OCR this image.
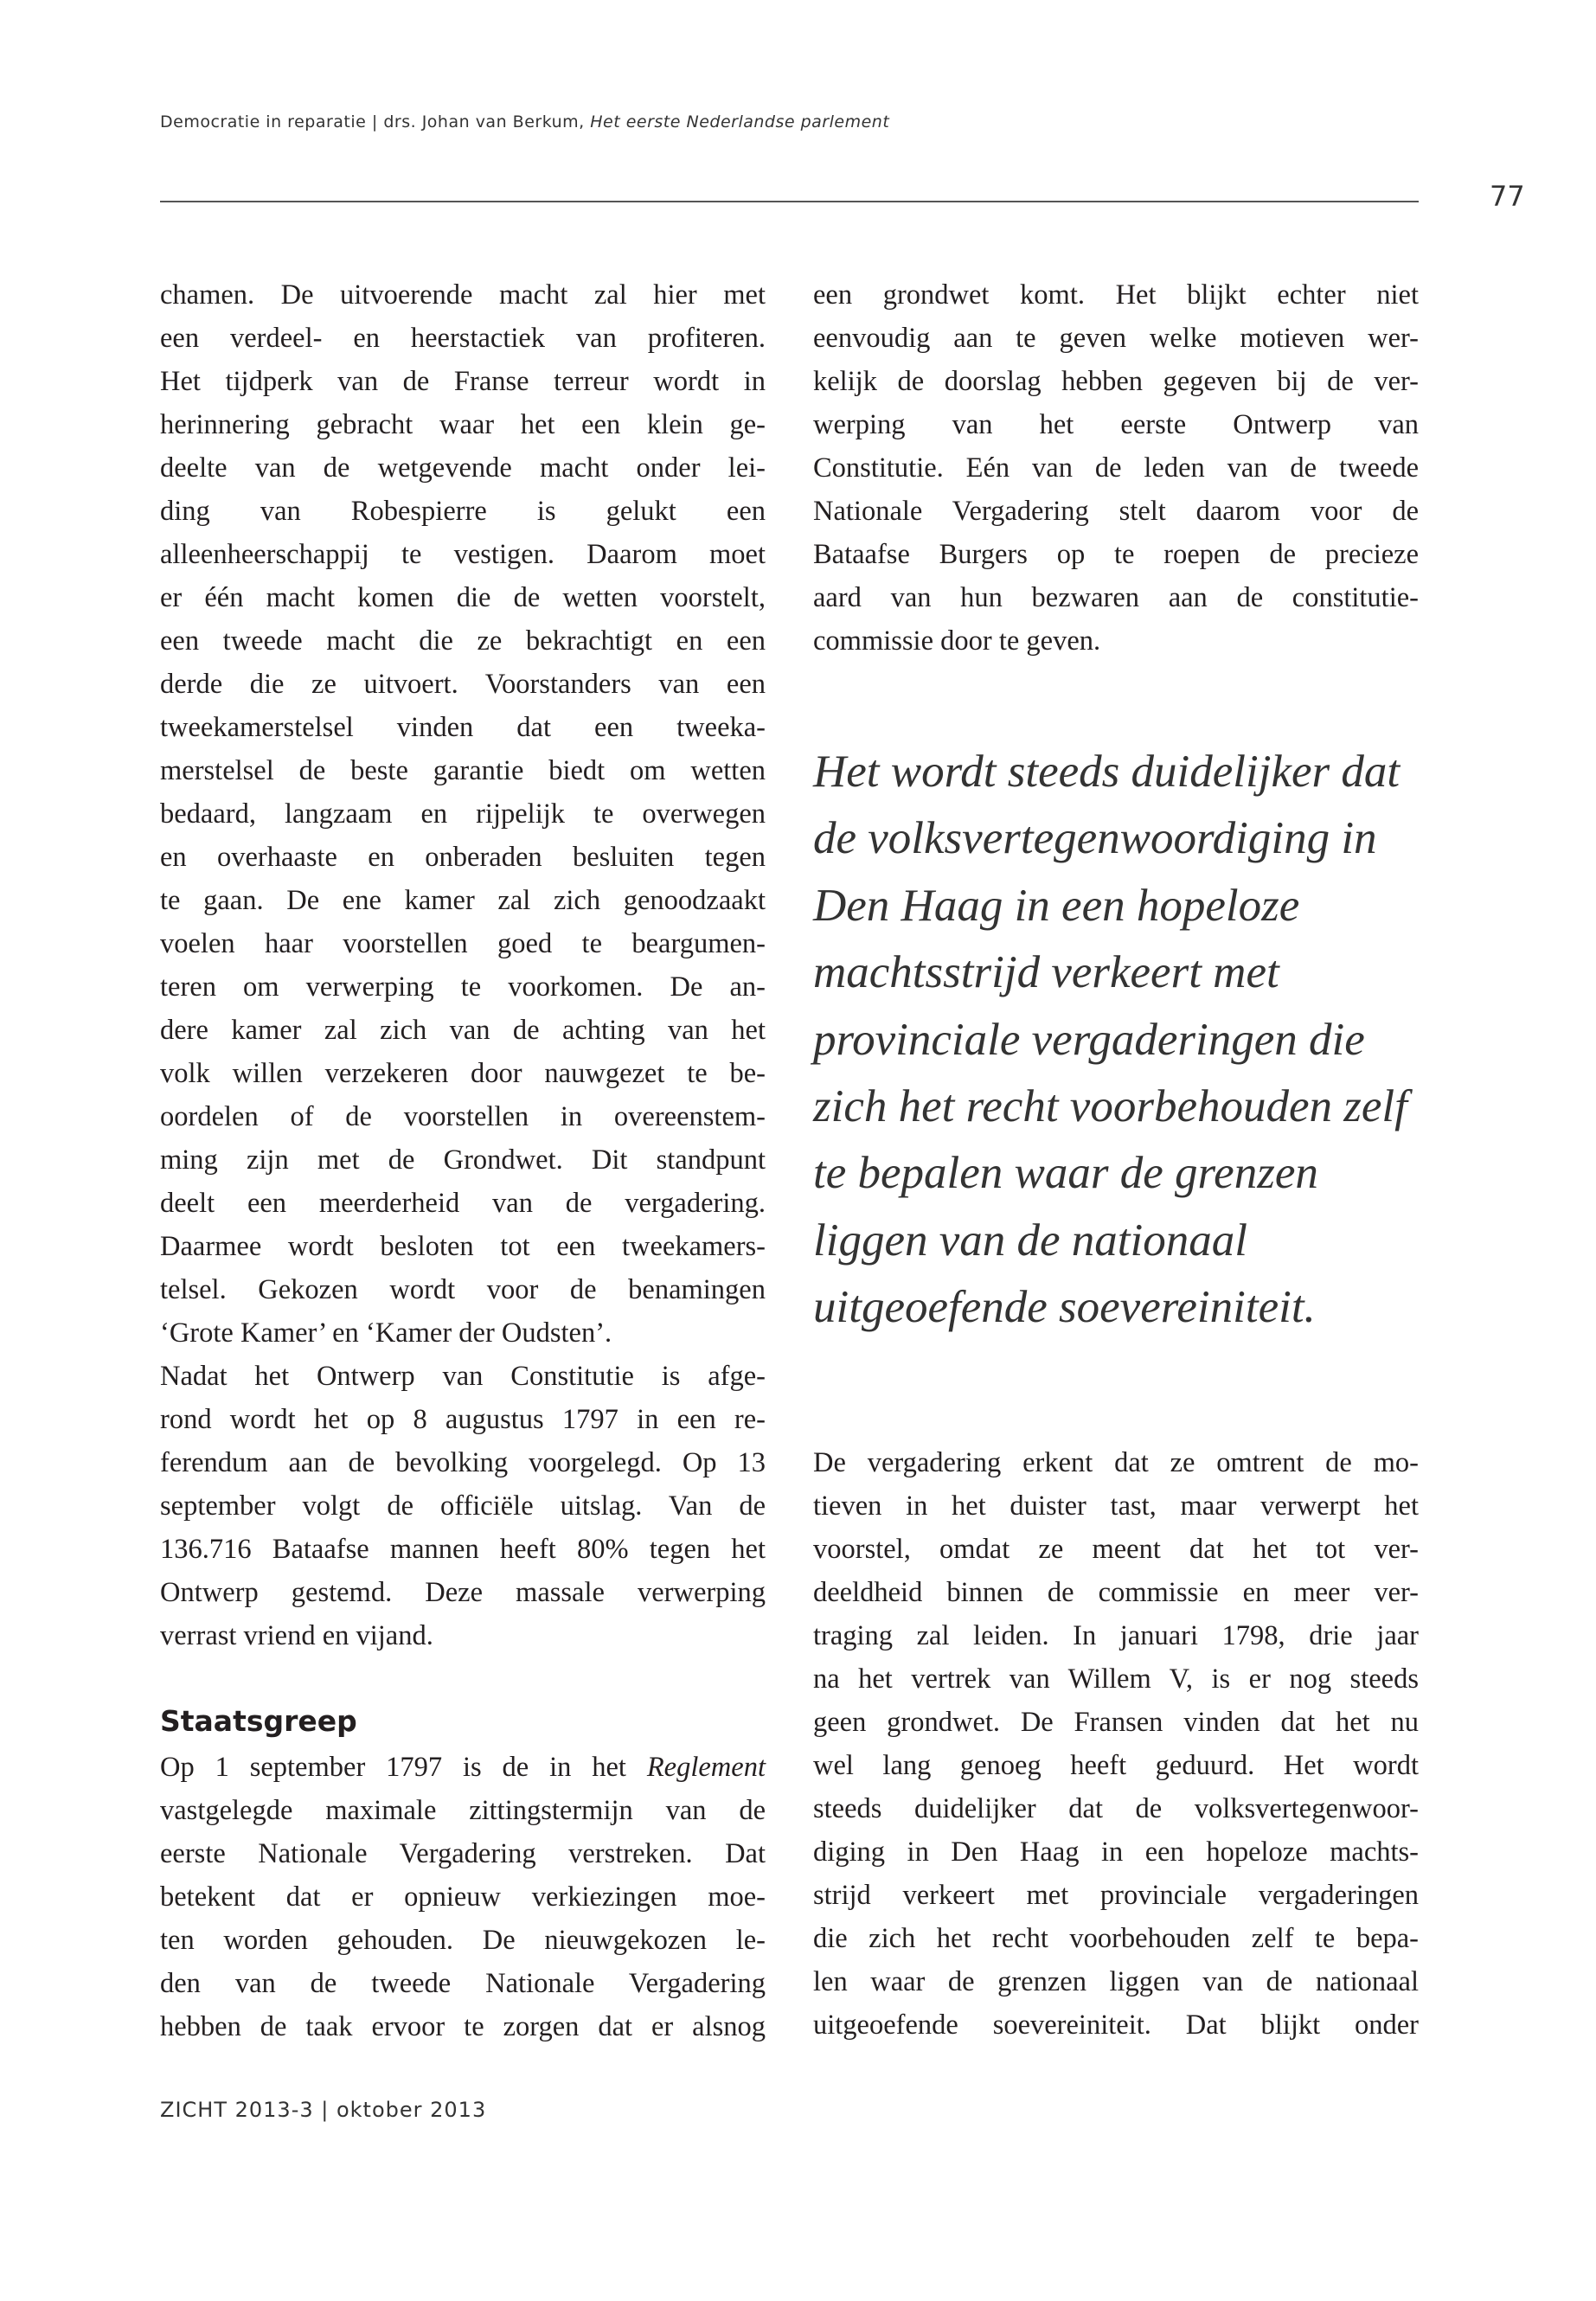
Democratie in reparatie | drs. Johan van Berkum, Het eerste Nederlandse parlement
77
chamen. De uitvoerende macht zal hier met
een verdeel- en heerstactiek van profiteren.
Het tijdperk van de Franse terreur wordt in
herinnering gebracht waar het een klein ge-
deelte van de wetgevende macht onder lei-
ding van Robespierre is gelukt een
alleenheerschappij te vestigen. Daarom moet
er één macht komen die de wetten voorstelt,
een tweede macht die ze bekrachtigt en een
derde die ze uitvoert. Voorstanders van een
tweekamerstelsel vinden dat een tweeka-
merstelsel de beste garantie biedt om wetten
bedaard, langzaam en rijpelijk te overwegen
en overhaaste en onberaden besluiten tegen
te gaan. De ene kamer zal zich genoodzaakt
voelen haar voorstellen goed te beargumen-
teren om verwerping te voorkomen. De an-
dere kamer zal zich van de achting van het
volk willen verzekeren door nauwgezet te be-
oordelen of de voorstellen in overeenstem-
ming zijn met de Grondwet. Dit standpunt
deelt een meerderheid van de vergadering.
Daarmee wordt besloten tot een tweekamers-
telsel. Gekozen wordt voor de benamingen
‘Grote Kamer’ en ‘Kamer der Oudsten’.
Nadat het Ontwerp van Constitutie is afge-
rond wordt het op 8 augustus 1797 in een re-
ferendum aan de bevolking voorgelegd. Op 13
september volgt de officiële uitslag. Van de
136.716 Bataafse mannen heeft 80% tegen het
Ontwerp gestemd. Deze massale verwerping
verrast vriend en vijand.
Staatsgreep
Op 1 september 1797 is de in het Reglement
vastgelegde maximale zittingstermijn van de
eerste Nationale Vergadering verstreken. Dat
betekent dat er opnieuw verkiezingen moe-
ten worden gehouden. De nieuwgekozen le-
den van de tweede Nationale Vergadering
hebben de taak ervoor te zorgen dat er alsnog
een grondwet komt. Het blijkt echter niet
eenvoudig aan te geven welke motieven wer-
kelijk de doorslag hebben gegeven bij de ver-
werping van het eerste Ontwerp van
Constitutie. Eén van de leden van de tweede
Nationale Vergadering stelt daarom voor de
Bataafse Burgers op te roepen de precieze
aard van hun bezwaren aan de constitutie-
commissie door te geven.
Het wordt steeds duidelijker dat
de volksvertegenwoordiging in
Den Haag in een hopeloze
machtsstrijd verkeert met
provinciale vergaderingen die
zich het recht voorbehouden zelf
te bepalen waar de grenzen
liggen van de nationaal
uitgeoefende soevereiniteit.
De vergadering erkent dat ze omtrent de mo-
tieven in het duister tast, maar verwerpt het
voorstel, omdat ze meent dat het tot ver-
deeldheid binnen de commissie en meer ver-
traging zal leiden. In januari 1798, drie jaar
na het vertrek van Willem V, is er nog steeds
geen grondwet. De Fransen vinden dat het nu
wel lang genoeg heeft geduurd. Het wordt
steeds duidelijker dat de volksvertegenwoor-
diging in Den Haag in een hopeloze machts-
strijd verkeert met provinciale vergaderingen
die zich het recht voorbehouden zelf te bepa-
len waar de grenzen liggen van de nationaal
uitgeoefende soevereiniteit. Dat blijkt onder
ZICHT 2013-3 | oktober 2013
